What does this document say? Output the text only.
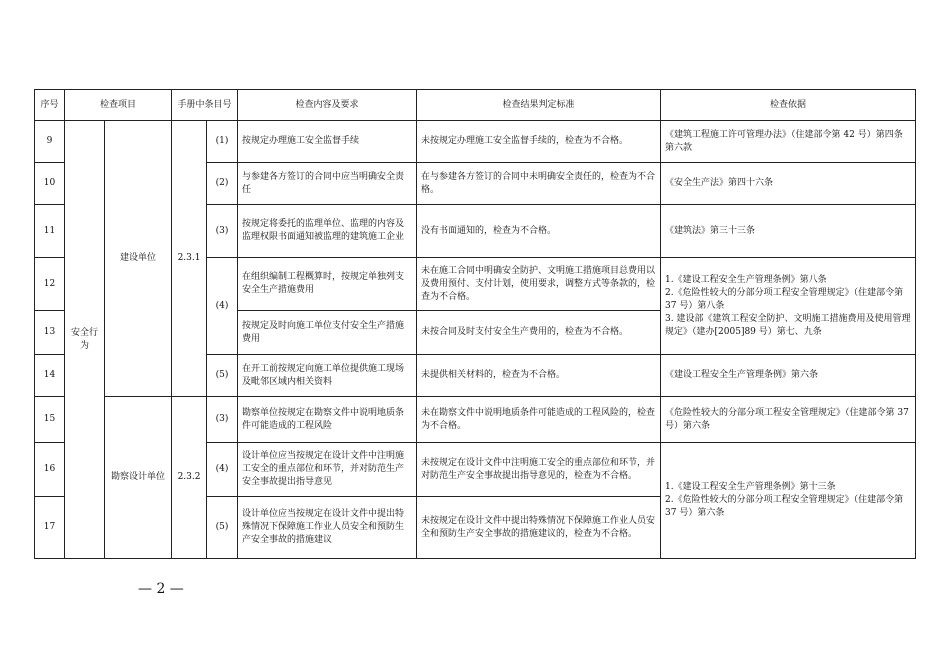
序号	检查项目		手册中条目号		检查内容及要求	检查结果判定标准	检查依据
9	安全行为	建设单位	2.3.1	(1)	按规定办理施工安全监督手续	未按规定办理施工安全监督手续的，检查为不合格。	《建筑工程施工许可管理办法》（住建部令第 42 号）第四条第六款
10				(2)	与参建各方签订的合同中应当明确安全责任	在与参建各方签订的合同中未明确安全责任的，检查为不合格。	《安全生产法》第四十六条
11				(3)	按规定将委托的监理单位、监理的内容及监理权限书面通知被监理的建筑施工企业	没有书面通知的，检查为不合格。	《建筑法》第三十三条
12				(4)	在组织编制工程概算时，按规定单独列支安全生产措施费用	未在施工合同中明确安全防护、文明施工措施项目总费用以及费用预付、支付计划，使用要求，调整方式等条款的，检查为不合格。	1.《建设工程安全生产管理条例》第八条
2.《危险性较大的分部分项工程安全管理规定》（住建部令第 37 号）第八条
3. 建设部《建筑工程安全防护、文明施工措施费用及使用管理规定》（建办[2005]89 号）第七、九条
13					按规定及时向施工单位支付安全生产措施费用	未按合同及时支付安全生产费用的，检查为不合格。	
14				(5)	在开工前按规定向施工单位提供施工现场及毗邻区域内相关资料	未提供相关材料的，检查为不合格。	《建设工程安全生产管理条例》第六条
15		勘察设计单位	2.3.2	(3)	勘察单位按规定在勘察文件中说明地质条件可能造成的工程风险	未在勘察文件中说明地质条件可能造成的工程风险的，检查为不合格。	《危险性较大的分部分项工程安全管理规定》（住建部令第 37 号）第六条
16				(4)	设计单位应当按规定在设计文件中注明施工安全的重点部位和环节，并对防范生产安全事故提出指导意见	未按规定在设计文件中注明施工安全的重点部位和环节，并对防范生产安全事故提出指导意见的，检查为不合格。	1.《建设工程安全生产管理条例》第十三条
2.《危险性较大的分部分项工程安全管理规定》（住建部令第 37 号）第六条
17				(5)	设计单位应当按规定在设计文件中提出特殊情况下保障施工作业人员安全和预防生产安全事故的措施建议	未按规定在设计文件中提出特殊情况下保障施工作业人员安全和预防生产安全事故的措施建议的，检查为不合格。	
— 2 —
